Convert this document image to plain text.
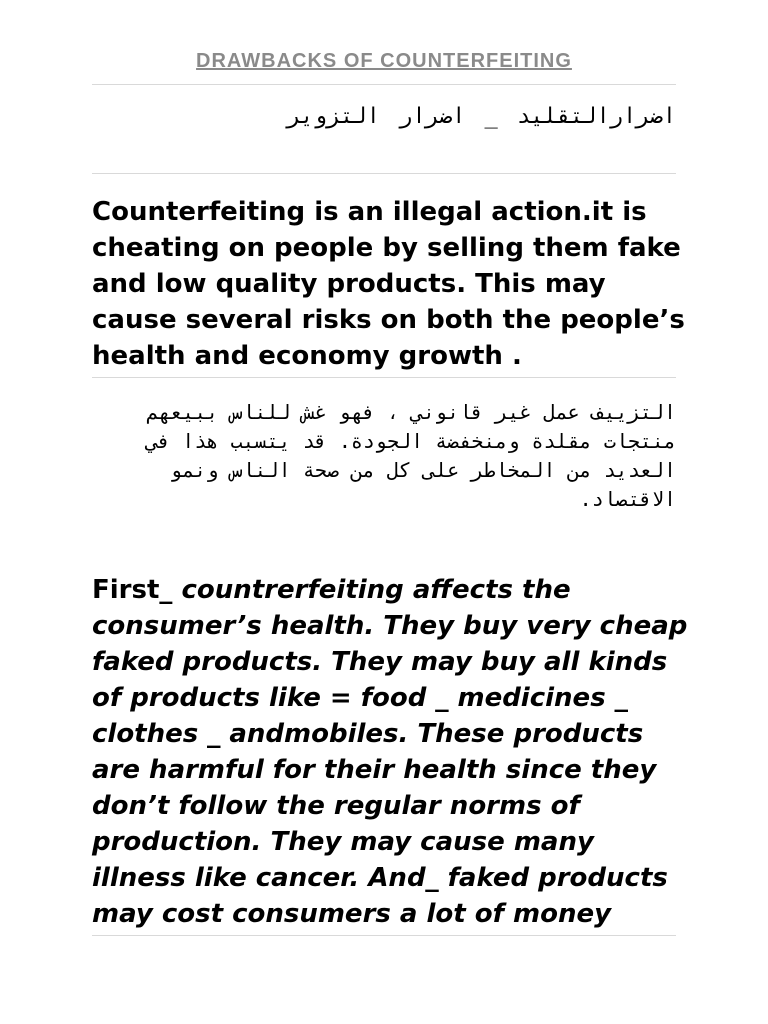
DRAWBACKS OF COUNTERFEITING

اضرارالتقليد _ اضرار التزوير

Counterfeiting is an illegal action.it is cheating on people by selling them fake and low quality products. This may cause several risks on both the people’s health and economy growth .

التزييف عمل غير قانوني ، فهو غش للناس ببيعهم منتجات مقلدة ومنخفضة الجودة. قد يتسبب هذا في العديد من المخاطر على كل من صحة الناس ونمو الاقتصاد.

First_ countrerfeiting affects the consumer’s health. They buy very cheap faked products. They may buy all kinds of products like = food _ medicines _ clothes _ andmobiles. These products are harmful for their health since they don’t follow the regular norms of production. They may cause many illness like cancer. And_ faked products may cost consumers a lot of money
